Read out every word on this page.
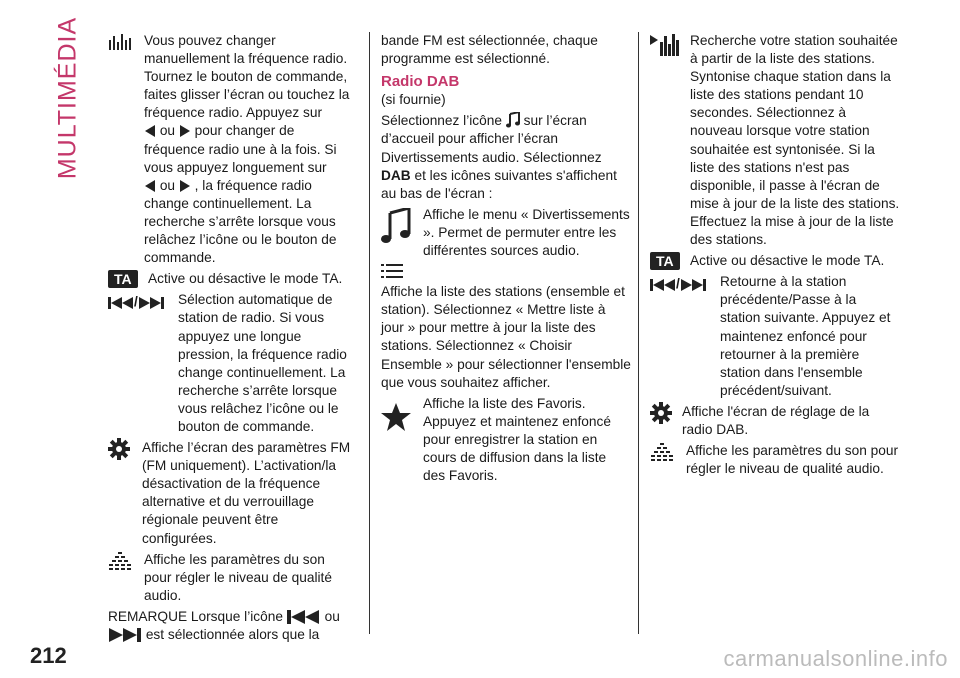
MULTIMÉDIA	Vous pouvez changer manuellement la fréquence radio. Tournez le bouton de commande, faites glisser l’écran ou touchez la fréquence radio. Appuyez sur
ou pour changer de fréquence radio une à la fois. Si vous appuyez longuement sur
ou , la fréquence radio change continuellement. La recherche s’arrête lorsque vous relâchez l’icône ou le bouton de commande.
TA	Active ou désactive le mode TA.
/	Sélection automatique de station de radio. Si vous appuyez une longue pression, la fréquence radio change continuellement. La recherche s’arrête lorsque vous relâchez l’icône ou le bouton de commande.
Affiche l’écran des paramètres FM (FM uniquement). L’activation/la désactivation de la fréquence alternative et du verrouillage régionale peuvent être configurées.
Affiche les paramètres du son pour régler le niveau de qualité audio.
REMARQUE Lorsque l’icône	ou
est sélectionnée alors que la
bande FM est sélectionnée, chaque programme est sélectionné.
Radio DAB
(si fournie)
Sélectionnez l’icône sur l’écran d’accueil pour afficher l’écran Divertissements audio. Sélectionnez DAB et les icônes suivantes s'affichent au bas de l'écran :
Affiche le menu « Divertissements ». Permet de permuter entre les différentes sources audio.
Affiche la liste des stations (ensemble et station). Sélectionnez « Mettre liste à jour » pour mettre à jour la liste des stations. Sélectionnez « Choisir Ensemble » pour sélectionner l'ensemble que vous souhaitez afficher.
Affiche la liste des Favoris. Appuyez et maintenez enfoncé pour enregistrer la station en cours de diffusion dans la liste des Favoris.
Recherche votre station souhaitée à partir de la liste des stations. Syntonise chaque station dans la liste des stations pendant 10 secondes. Sélectionnez à nouveau lorsque votre station souhaitée est syntonisée. Si la liste des stations n'est pas disponible, il passe à l'écran de mise à jour de la liste des stations. Effectuez la mise à jour de la liste des stations.
TA	Active ou désactive le mode TA.
/	Retourne à la station précédente/Passe à la station suivante. Appuyez et maintenez enfoncé pour retourner à la première station dans l'ensemble précédent/suivant.
Affiche l'écran de réglage de la radio DAB.
Affiche les paramètres du son pour régler le niveau de qualité audio.
212	carmanualsonline.info
